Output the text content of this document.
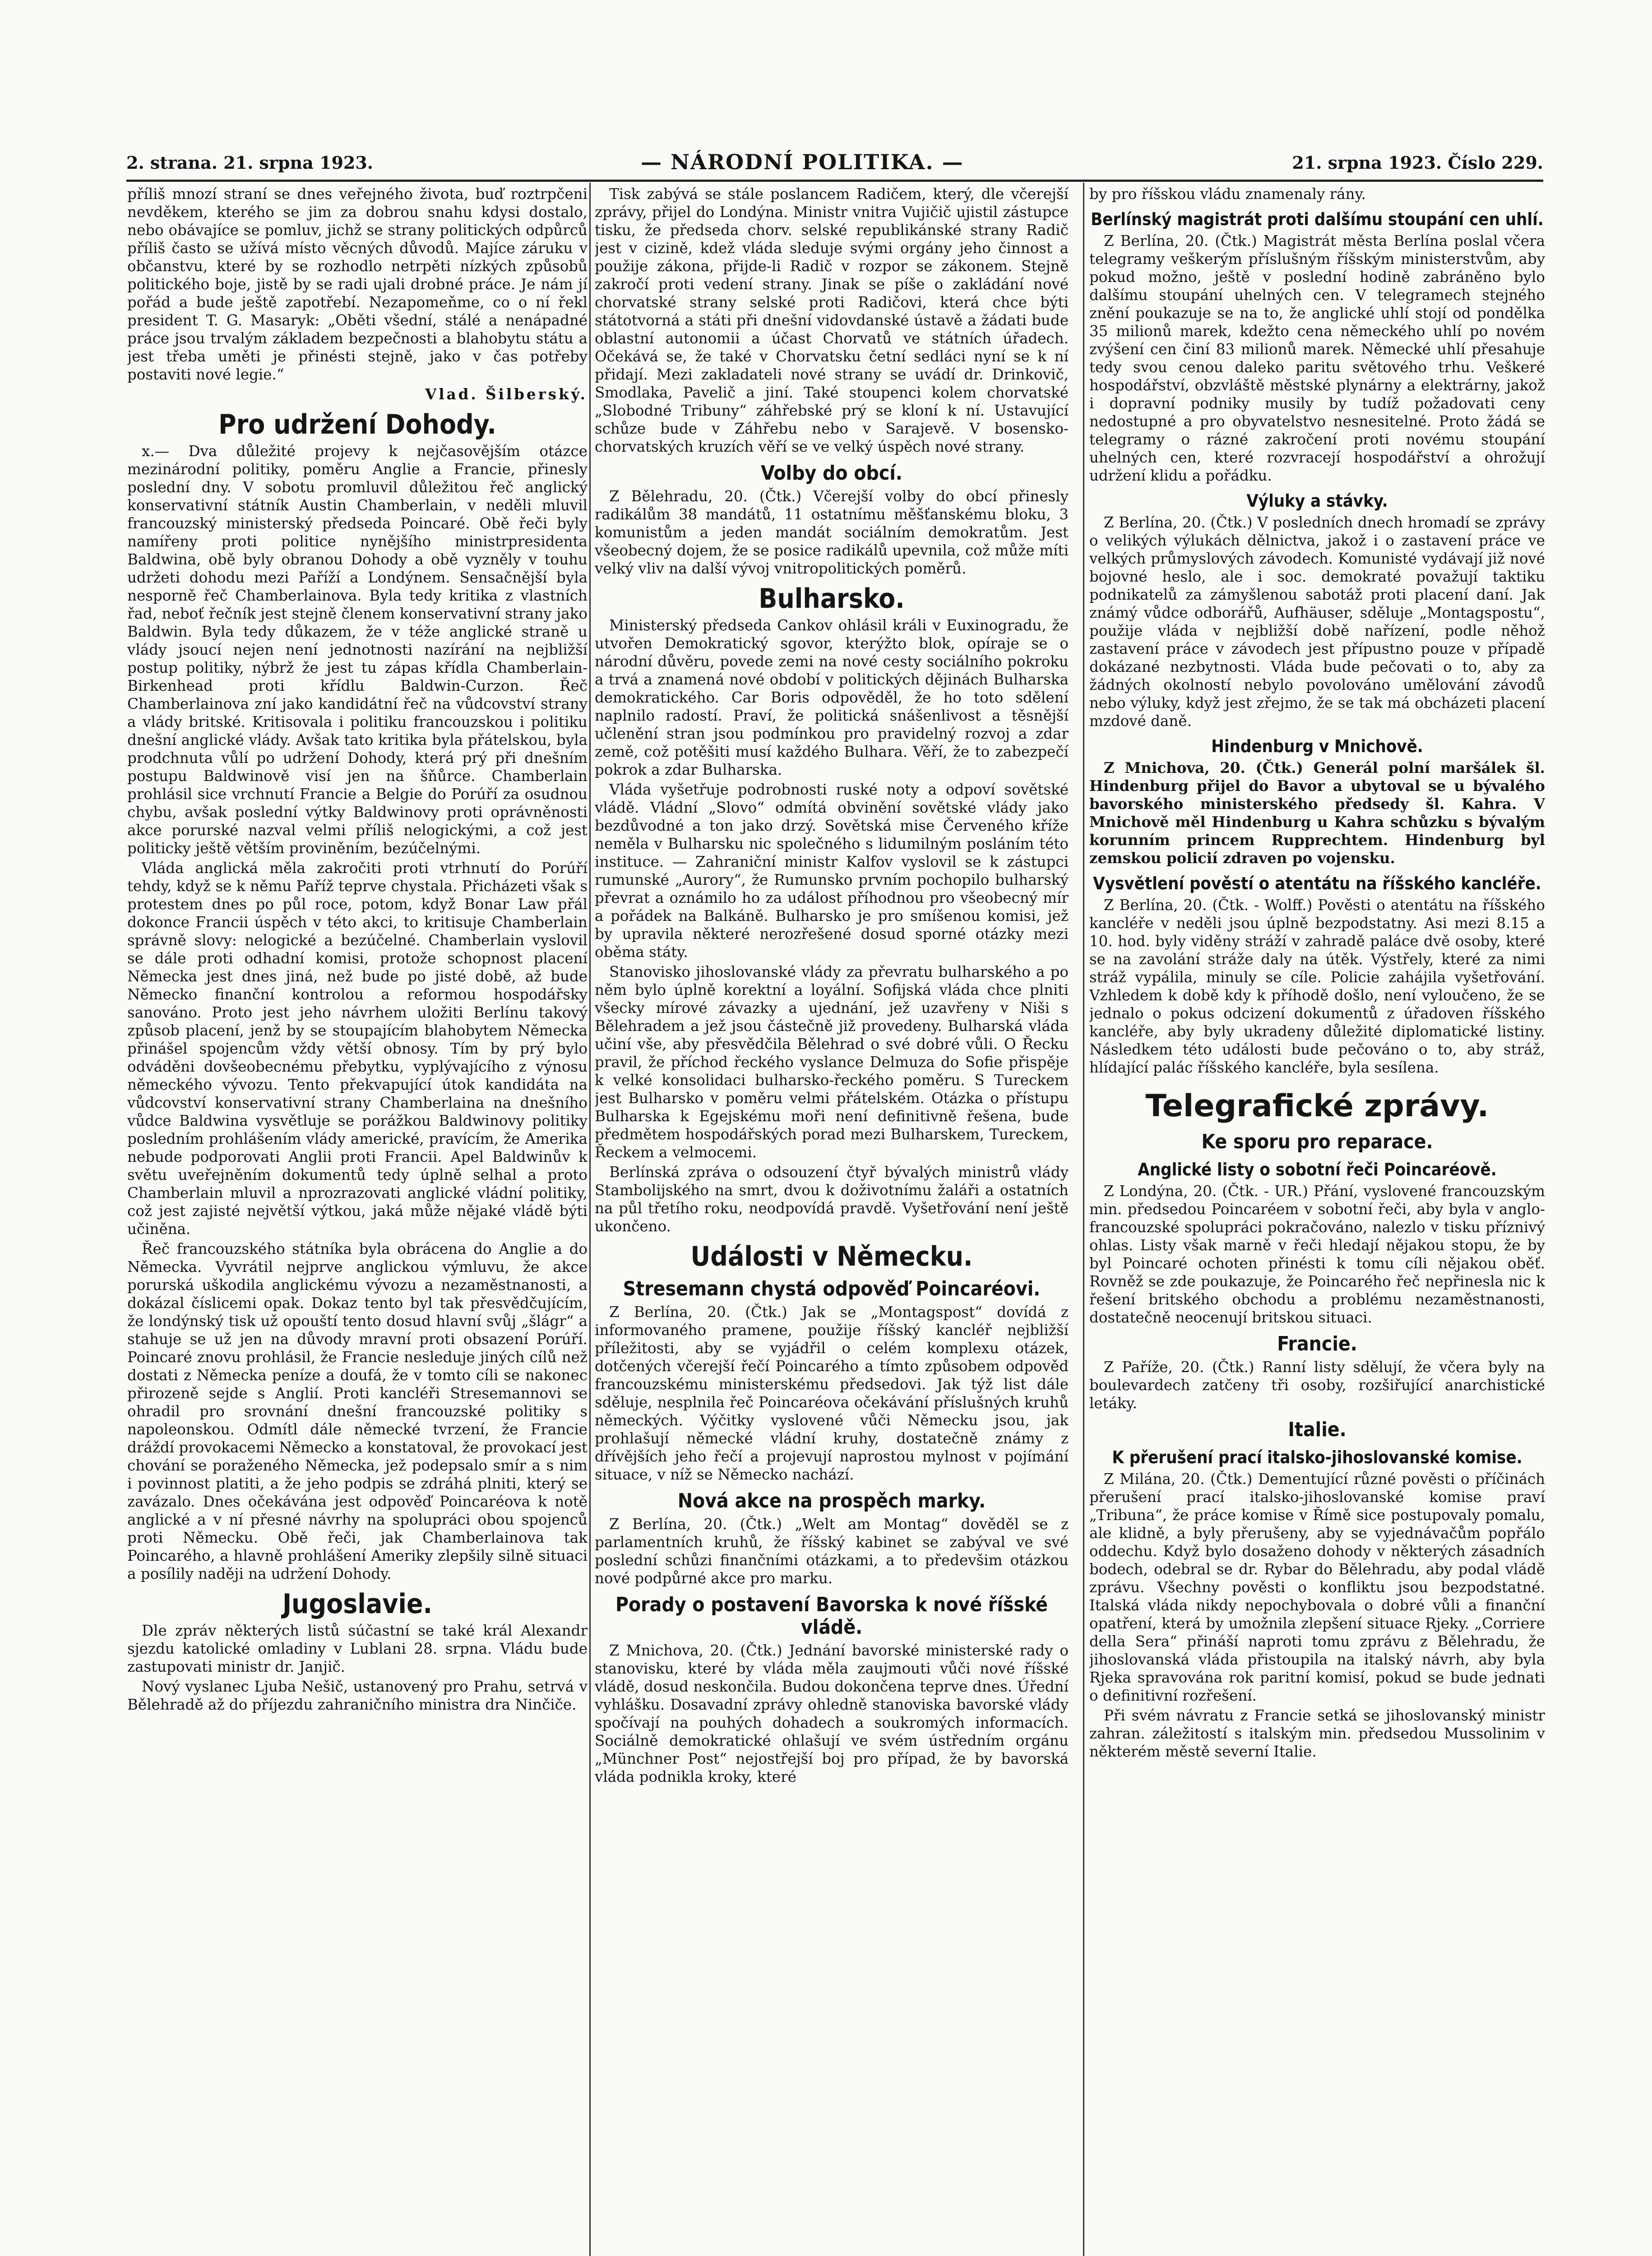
2. strana. 21. srpna 1923.	— NÁRODNÍ POLITIKA. —	21. srpna 1923. Číslo 229.

příliš mnozí straní se dnes veřejného života, buď roztrpčeni nevděkem, kterého se jim za dobrou snahu kdysi dostalo, nebo obávajíce se pomluv, jichž se strany politických odpůrců příliš často se užívá místo věcných důvodů. Majíce záruku v občanstvu, které by se rozhodlo netrpěti nízkých způsobů politického boje, jistě by se radi ujali drobné práce. Je nám jí pořád a bude ještě zapotřebí. Nezapomeňme, co o ní řekl president T. G. Masaryk: „Oběti všední, stálé a nenápadné práce jsou trvalým základem bezpečnosti a blahobytu státu a jest třeba uměti je přinésti stejně, jako v čas potřeby postaviti nové legie.“

Vlad. Šilberský.

Pro udržení Dohody.

x.— Dva důležité projevy k nejčasovějším otázce mezinárodní politiky, poměru Anglie a Francie, přinesly poslední dny. V sobotu promluvil důležitou řeč anglický konservativní státník Austin Chamberlain, v neděli mluvil francouzský ministerský předseda Poincaré. Obě řeči byly namířeny proti politice nynějšího ministrpresidenta Baldwina, obě byly obranou Dohody a obě vyzněly v touhu udržeti dohodu mezi Paříží a Londýnem. Sensačnější byla nesporně řeč Chamberlainova. Byla tedy kritika z vlastních řad, neboť řečník jest stejně členem konservativní strany jako Baldwin. Byla tedy důkazem, že v téže anglické straně u vlády jsoucí nejen není jednotnosti nazírání na nejbližší postup politiky, nýbrž že jest tu zápas křídla Chamberlain-Birkenhead proti křídlu Baldwin-Curzon. Řeč Chamberlainova zní jako kandidátní řeč na vůdcovství strany a vlády britské. Kritisovala i politiku francouzskou i politiku dnešní anglické vlády. Avšak tato kritika byla přátelskou, byla prodchnuta vůlí po udržení Dohody, která prý při dnešním postupu Baldwinově visí jen na šňůrce. Chamberlain prohlásil sice vrchnutí Francie a Belgie do Porúří za osudnou chybu, avšak poslední výtky Baldwinovy proti oprávněnosti akce porurské nazval velmi příliš nelogickými, a což jest politicky ještě větším proviněním, bezúčelnými.

Vláda anglická měla zakročiti proti vtrhnutí do Porúří tehdy, když se k němu Paříž teprve chystala. Přicházeti však s protestem dnes po půl roce, potom, když Bonar Law přál dokonce Francii úspěch v této akci, to kritisuje Chamberlain správně slovy: nelogické a bezúčelné. Chamberlain vyslovil se dále proti odhadní komisi, protože schopnost placení Německa jest dnes jiná, než bude po jisté době, až bude Německo finanční kontrolou a reformou hospodářsky sanováno. Proto jest jeho návrhem uložiti Berlínu takový způsob placení, jenž by se stoupajícím blahobytem Německa přinášel spojencům vždy větší obnosy. Tím by prý bylo odváděni dovšeobecnému přebytku, vyplývajícího z výnosu německého vývozu. Tento překvapující útok kandidáta na vůdcovství konservativní strany Chamberlaina na dnešního vůdce Baldwina vysvětluje se porážkou Baldwinovy politiky posledním prohlášením vlády americké, pravícím, že Amerika nebude podporovati Anglii proti Francii. Apel Baldwinův k světu uveřejněním dokumentů tedy úplně selhal a proto Chamberlain mluvil a nprozrazovati anglické vládní politiky, což jest zajisté největší výtkou, jaká může nějaké vládě býti učiněna.

Řeč francouzského státníka byla obrácena do Anglie a do Německa. Vyvrátil nejprve anglickou výmluvu, že akce porurská uškodila anglickému vývozu a nezaměstnanosti, a dokázal číslicemi opak. Dokaz tento byl tak přesvědčujícím, že londýnský tisk už opouští tento dosud hlavní svůj „šlágr“ a stahuje se už jen na důvody mravní proti obsazení Porúří. Poincaré znovu prohlásil, že Francie nesleduje jiných cílů než dostati z Německa peníze a doufá, že v tomto cíli se nakonec přirozeně sejde s Anglií. Proti kancléři Stresemannovi se ohradil pro srovnání dnešní francouzské politiky s napoleonskou. Odmítl dále německé tvrzení, že Francie dráždí provokacemi Německo a konstatoval, že provokací jest chování se poraženého Německa, jež podepsalo smír a s nim i povinnost platiti, a že jeho podpis se zdráhá plniti, který se zavázalo. Dnes očekávána jest odpověď Poincaréova k notě anglické a v ní přesné návrhy na spolupráci obou spojenců proti Německu. Obě řeči, jak Chamberlainova tak Poincarého, a hlavně prohlášení Ameriky zlepšily silně situaci a posílily naději na udržení Dohody.

Jugoslavie.

Dle zpráv některých listů súčastní se také král Alexandr sjezdu katolické omladiny v Lublani 28. srpna. Vládu bude zastupovati ministr dr. Janjič.

Nový vyslanec Ljuba Nešič, ustanovený pro Prahu, setrvá v Bělehradě až do příjezdu zahraničního ministra dra Ninčiče.

Tisk zabývá se stále poslancem Radičem, který, dle včerejší zprávy, přijel do Londýna. Ministr vnitra Vujičič ujistil zástupce tisku, že předseda chorv. selské republikánské strany Radič jest v cizině, kdež vláda sleduje svými orgány jeho činnost a použije zákona, přijde-li Radič v rozpor se zákonem. Stejně zakročí proti vedení strany. Jinak se píše o zakládání nové chorvatské strany selské proti Radičovi, která chce býti státotvorná a státi při dnešní vidovdanské ústavě a žádati bude oblastní autonomii a účast Chorvatů ve státních úřadech. Očekává se, že také v Chorvatsku četní sedláci nyní se k ní přidají. Mezi zakladateli nové strany se uvádí dr. Drinkovič, Smodlaka, Pavelič a jiní. Také stoupenci kolem chorvatské „Slobodné Tribuny“ záhřebské prý se kloní k ní. Ustavující schůze bude v Záhřebu nebo v Sarajevě. V bosensko-chorvatských kruzích věří se ve velký úspěch nové strany.

Volby do obcí.

Z Bělehradu, 20. (Čtk.) Včerejší volby do obcí přinesly radikálům 38 mandátů, 11 ostatnímu měšťanskému bloku, 3 komunistům a jeden mandát sociálním demokratům. Jest všeobecný dojem, že se posice radikálů upevnila, což může míti velký vliv na další vývoj vnitropolitických poměrů.

Bulharsko.

Ministerský předseda Cankov ohlásil králi v Euxinogradu, že utvořen Demokratický sgovor, kterýžto blok, opíraje se o národní důvěru, povede zemi na nové cesty sociálního pokroku a trvá a znamená nové období v politických dějinách Bulharska demokratického. Car Boris odpověděl, že ho toto sdělení naplnilo radostí. Praví, že politická snášenlivost a těsnější učlenění stran jsou podmínkou pro pravidelný rozvoj a zdar země, což potěšiti musí každého Bulhara. Věří, že to zabezpečí pokrok a zdar Bulharska.

Vláda vyšetřuje podrobnosti ruské noty a odpoví sovětské vládě. Vládní „Slovo“ odmítá obvinění sovětské vlády jako bezdůvodné a ton jako drzý. Sovětská mise Červeného kříže neměla v Bulharsku nic společného s lidumilným posláním této instituce. — Zahraniční ministr Kalfov vyslovil se k zástupci rumunské „Aurory“, že Rumunsko prvním pochopilo bulharský převrat a oznámilo ho za událost příhodnou pro všeobecný mír a pořádek na Balkáně. Bulharsko je pro smíšenou komisi, jež by upravila některé nerozřešené dosud sporné otázky mezi oběma státy.

Stanovisko jihoslovanské vlády za převratu bulharského a po něm bylo úplně korektní a loyální. Sofijská vláda chce plniti všecky mírové závazky a ujednání, jež uzavřeny v Niši s Bělehradem a jež jsou částečně již provedeny. Bulharská vláda učiní vše, aby přesvědčila Bělehrad o své dobré vůli. O Řecku pravil, že příchod řeckého vyslance Delmuza do Sofie přispěje k velké konsolidaci bulharsko-řeckého poměru. S Tureckem jest Bulharsko v poměru velmi přátelském. Otázka o přístupu Bulharska k Egejskému moři není definitivně řešena, bude předmětem hospodářských porad mezi Bulharskem, Tureckem, Řeckem a velmocemi.

Berlínská zpráva o odsouzení čtyř bývalých ministrů vlády Stambolijského na smrt, dvou k doživotnímu žaláři a ostatních na půl třetího roku, neodpovídá pravdě. Vyšetřování není ještě ukončeno.

Události v Německu.
Stresemann chystá odpověď Poincaréovi.

Z Berlína, 20. (Čtk.) Jak se „Montagspost“ dovídá z informovaného pramene, použije říšský kancléř nejbližší příležitosti, aby se vyjádřil o celém komplexu otázek, dotčených včerejší řečí Poincarého a tímto způsobem odpověď francouzskému ministerskému předsedovi. Jak týž list dále sděluje, nesplnila řeč Poincaréova očekávání příslušných kruhů německých. Výčitky vyslovené vůči Německu jsou, jak prohlašují německé vládní kruhy, dostatečně známy z dřívějších jeho řečí a projevují naprostou mylnost v pojímání situace, v níž se Německo nachází.

Nová akce na prospěch marky.

Z Berlína, 20. (Čtk.) „Welt am Montag“ dověděl se z parlamentních kruhů, že říšský kabinet se zabýval ve své poslední schůzi finančními otázkami, a to předevšim otázkou nové podpůrné akce pro marku.

Porady o postavení Bavorska k nové říšské vládě.

Z Mnichova, 20. (Čtk.) Jednání bavorské ministerské rady o stanovisku, které by vláda měla zaujmouti vůči nové říšské vládě, dosud neskončila. Budou dokončena teprve dnes. Úřední vyhlášku. Dosavadní zprávy ohledně stanoviska bavorské vlády spočívají na pouhých dohadech a soukromých informacích. Sociálně demokratické ohlašují ve svém ústředním orgánu „Münchner Post“ nejostřejší boj pro případ, že by bavorská vláda podnikla kroky, které

by pro říšskou vládu znamenaly rány.

Berlínský magistrát proti dalšímu stoupání cen uhlí.

Z Berlína, 20. (Čtk.) Magistrát města Berlína poslal včera telegramy veškerým příslušným říšským ministerstvům, aby pokud možno, ještě v poslední hodině zabráněno bylo dalšímu stoupání uhelných cen. V telegramech stejného znění poukazuje se na to, že anglické uhlí stojí od pondělka 35 milionů marek, kdežto cena německého uhlí po novém zvýšení cen činí 83 milionů marek. Německé uhlí přesahuje tedy svou cenou daleko paritu světového trhu. Veškeré hospodářství, obzvláště městské plynárny a elektrárny, jakož i dopravní podniky musily by tudíž požadovati ceny nedostupné a pro obyvatelstvo nesnesitelné. Proto žádá se telegramy o rázné zakročení proti novému stoupání uhelných cen, které rozvracejí hospodářství a ohrožují udržení klidu a pořádku.

Výluky a stávky.

Z Berlína, 20. (Čtk.) V posledních dnech hromadí se zprávy o velikých výlukách dělnictva, jakož i o zastavení práce ve velkých průmyslových závodech. Komunisté vydávají již nové bojovné heslo, ale i soc. demokraté považují taktiku podnikatelů za zámyšlenou sabotáž proti placení daní. Jak známý vůdce odborářů, Aufhäuser, sděluje „Montagspostu“, použije vláda v nejbližší době nařízení, podle něhož zastavení práce v závodech jest přípustno pouze v případě dokázané nezbytnosti. Vláda bude pečovati o to, aby za žádných okolností nebylo povolováno umělování závodů nebo výluky, když jest zřejmo, že se tak má obcházeti placení mzdové daně.

Hindenburg v Mnichově.

Z Mnichova, 20. (Čtk.) Generál polní maršálek šl. Hindenburg přijel do Bavor a ubytoval se u bývalého bavorského ministerského předsedy šl. Kahra. V Mnichově měl Hindenburg u Kahra schůzku s bývalým korunním princem Rupprechtem. Hindenburg byl zemskou policií zdraven po vojensku.

Vysvětlení pověstí o atentátu na říšského kancléře.

Z Berlína, 20. (Čtk. - Wolff.) Pověsti o atentátu na říšského kancléře v neděli jsou úplně bezpodstatny. Asi mezi 8.15 a 10. hod. byly viděny stráží v zahradě paláce dvě osoby, které se na zavolání stráže daly na útěk. Výstřely, které za nimi stráž vypálila, minuly se cíle. Policie zahájila vyšetřování. Vzhledem k době kdy k příhodě došlo, není vyloučeno, že se jednalo o pokus odcizení dokumentů z úřadoven říšského kancléře, aby byly ukradeny důležité diplomatické listiny. Následkem této události bude pečováno o to, aby stráž, hlídající palác říšského kancléře, byla sesílena.

Telegrafické zprávy.
Ke sporu pro reparace.
Anglické listy o sobotní řeči Poincaréově.

Z Londýna, 20. (Čtk. - UR.) Přání, vyslovené francouzským min. předsedou Poincaréem v sobotní řeči, aby byla v anglo-francouzské spolupráci pokračováno, nalezlo v tisku příznivý ohlas. Listy však marně v řeči hledají nějakou stopu, že by byl Poincaré ochoten přinésti k tomu cíli nějakou oběť. Rovněž se zde poukazuje, že Poincarého řeč nepřinesla nic k řešení britského obchodu a problému nezaměstnanosti, dostatečně neocenují britskou situaci.

Francie.

Z Paříže, 20. (Čtk.) Ranní listy sdělují, že včera byly na boulevardech zatčeny tři osoby, rozšiřující anarchistické letáky.

Italie.
K přerušení prací italsko-jihoslovanské komise.

Z Milána, 20. (Čtk.) Dementující různé pověsti o příčinách přerušení prací italsko-jihoslovanské komise praví „Tribuna“, že práce komise v Římě sice postupovaly pomalu, ale klidně, a byly přerušeny, aby se vyjednávačům popřálo oddechu. Když bylo dosaženo dohody v některých zásadních bodech, odebral se dr. Rybar do Bělehradu, aby podal vládě zprávu. Všechny pověsti o konfliktu jsou bezpodstatné. Italská vláda nikdy nepochybovala o dobré vůli a finanční opatření, která by umožnila zlepšení situace Rjeky. „Corriere della Sera“ přináší naproti tomu zprávu z Bělehradu, že jihoslovanská vláda přistoupila na italský návrh, aby byla Rjeka spravována rok paritní komisí, pokud se bude jednati o definitivní rozřešení.

Při svém návratu z Francie setká se jihoslovanský ministr zahran. záležitostí s italským min. předsedou Mussolinim v některém městě severní Italie.
